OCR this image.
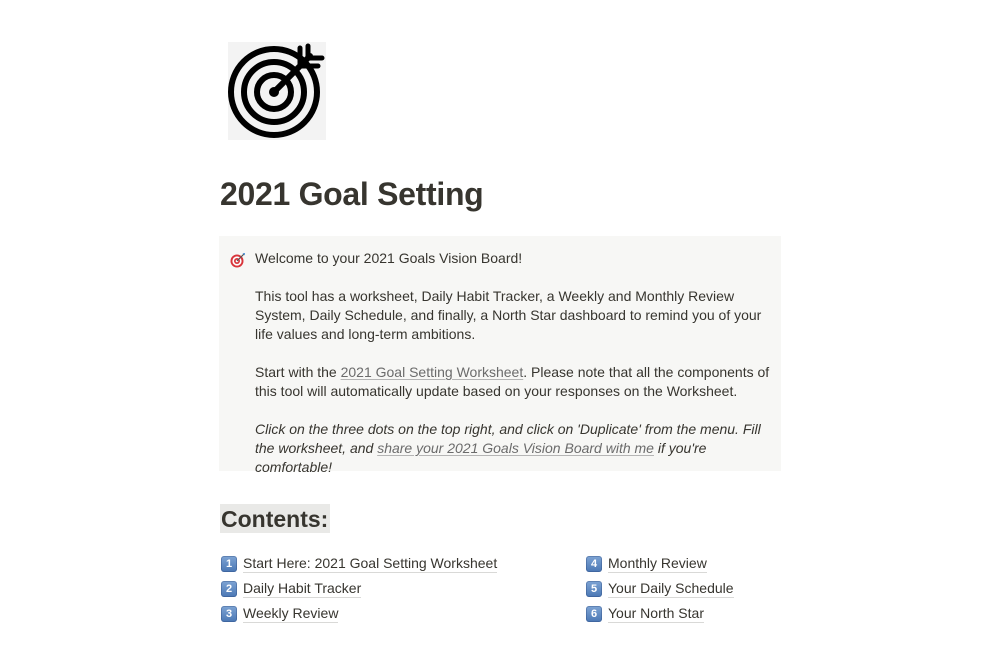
2021 Goal Setting

Welcome to your 2021 Goals Vision Board!

This tool has a worksheet, Daily Habit Tracker, a Weekly and Monthly Review System, Daily Schedule, and finally, a North Star dashboard to remind you of your life values and long-term ambitions.

Start with the 2021 Goal Setting Worksheet. Please note that all the components of this tool will automatically update based on your responses on the Worksheet.

Click on the three dots on the top right, and click on 'Duplicate' from the menu. Fill the worksheet, and share your 2021 Goals Vision Board with me if you're comfortable!

Contents:
1 Start Here: 2021 Goal Setting Worksheet
2 Daily Habit Tracker
3 Weekly Review
4 Monthly Review
5 Your Daily Schedule
6 Your North Star
